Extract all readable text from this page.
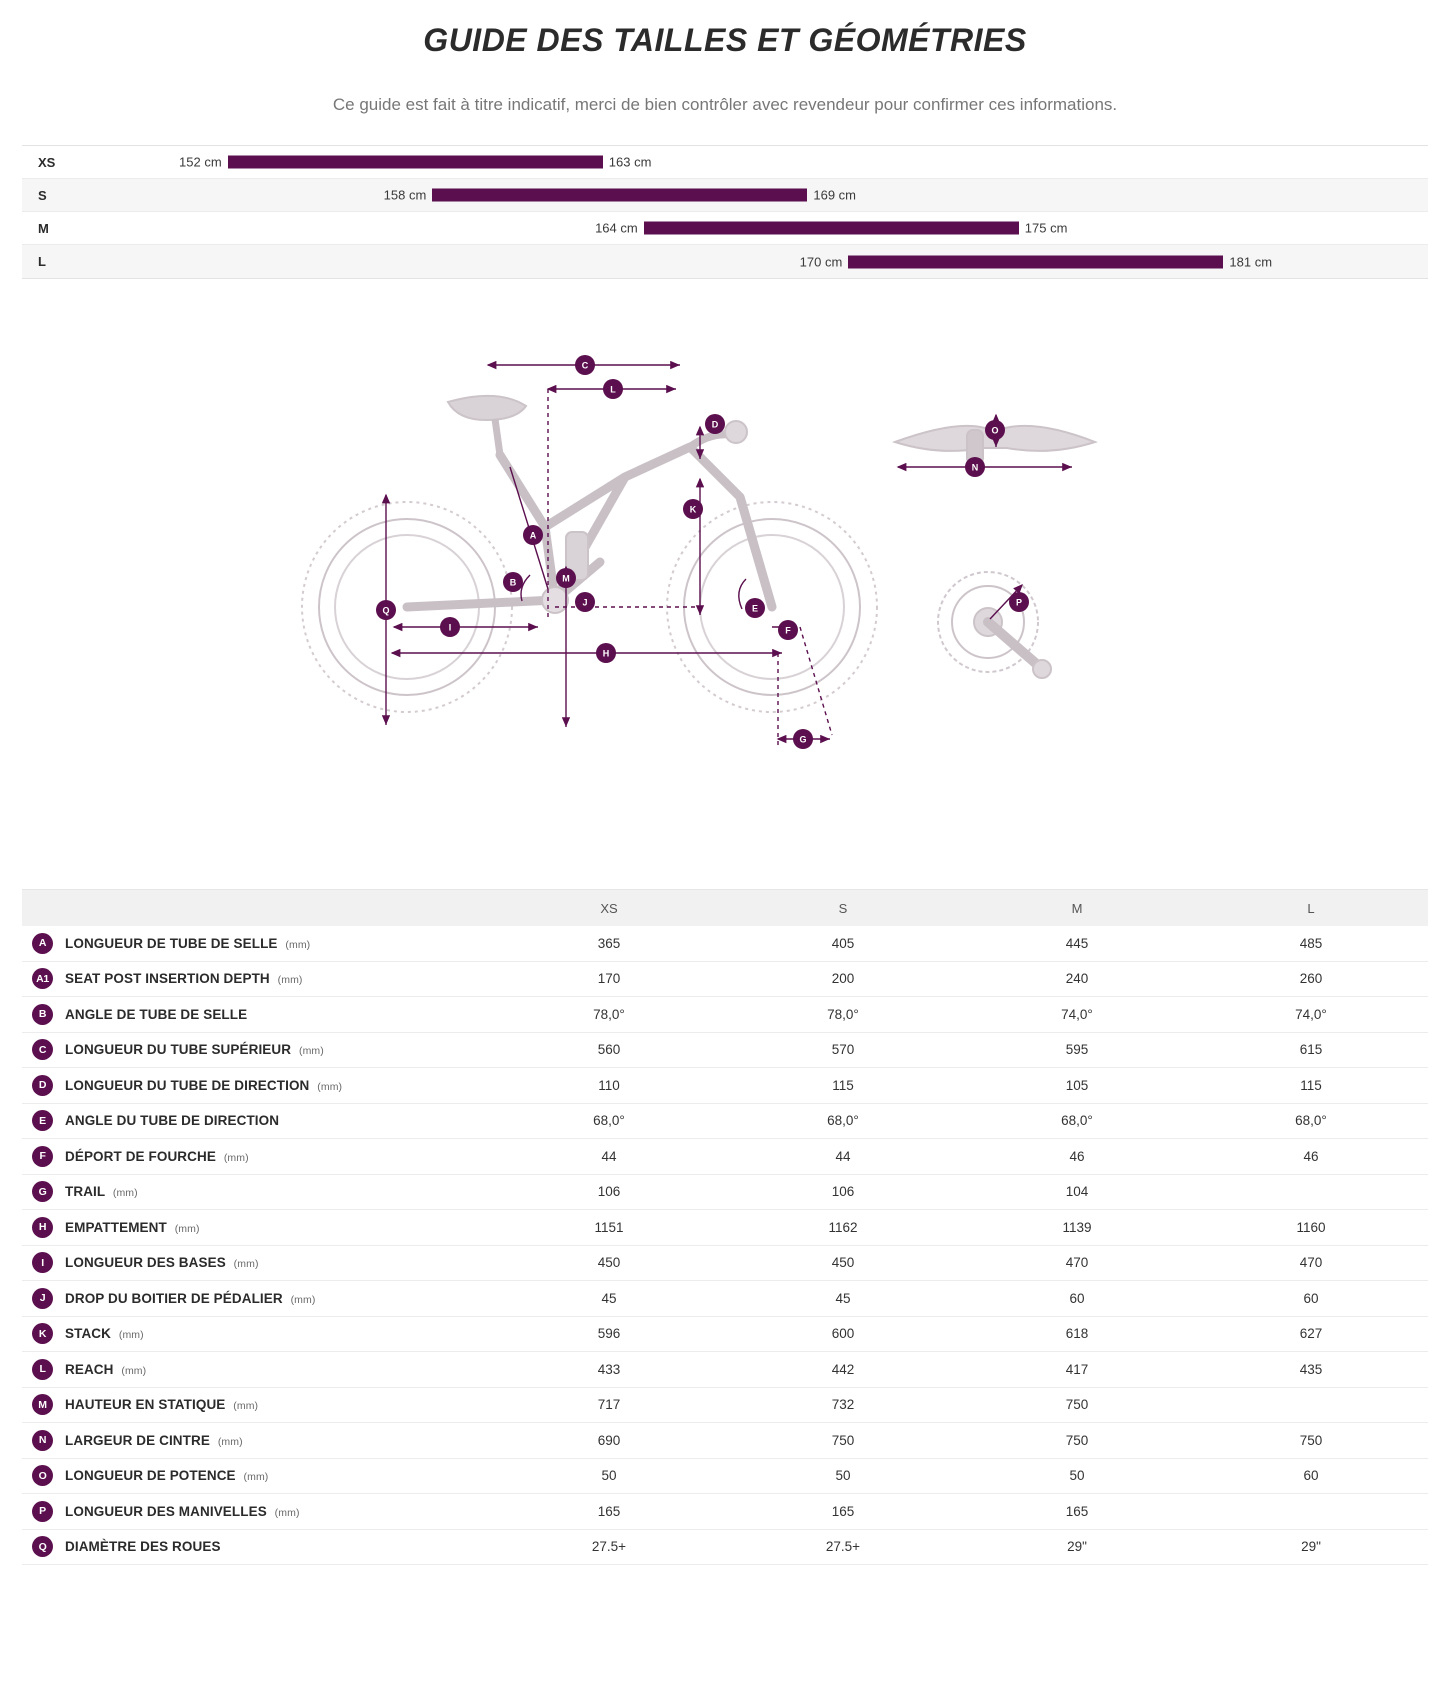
GUIDE DES TAILLES ET GÉOMÉTRIES

Ce guide est fait à titre indicatif, merci de bien contrôler avec revendeur pour confirmer ces informations.

XS	152 cm	163 cm
S	158 cm	169 cm
M	164 cm	175 cm
L	170 cm	181 cm
C
L
D
K
A
B	M
J
Q
I
H
E
F
G
N
O
P
XS	S	M	L
A	LONGUEUR DE TUBE DE SELLE (mm)	365	405	445	485
A1	SEAT POST INSERTION DEPTH (mm)	170	200	240	260
B	ANGLE DE TUBE DE SELLE	78,0°	78,0°	74,0°	74,0°
C	LONGUEUR DU TUBE SUPÉRIEUR (mm)	560	570	595	615
D	LONGUEUR DU TUBE DE DIRECTION (mm)	110	115	105	115
E	ANGLE DU TUBE DE DIRECTION	68,0°	68,0°	68,0°	68,0°
F	DÉPORT DE FOURCHE (mm)	44	44	46	46
G	TRAIL (mm)	106	106	104
H	EMPATTEMENT (mm)	1151	1162	1139	1160
I	LONGUEUR DES BASES (mm)	450	450	470	470
J	DROP DU BOITIER DE PÉDALIER (mm)	45	45	60	60
K	STACK (mm)	596	600	618	627
L	REACH (mm)	433	442	417	435
M	HAUTEUR EN STATIQUE (mm)	717	732	750
N	LARGEUR DE CINTRE (mm)	690	750	750	750
O	LONGUEUR DE POTENCE (mm)	50	50	50	60
P	LONGUEUR DES MANIVELLES (mm)	165	165	165
Q	DIAMÈTRE DES ROUES	27.5+	27.5+	29"	29"
